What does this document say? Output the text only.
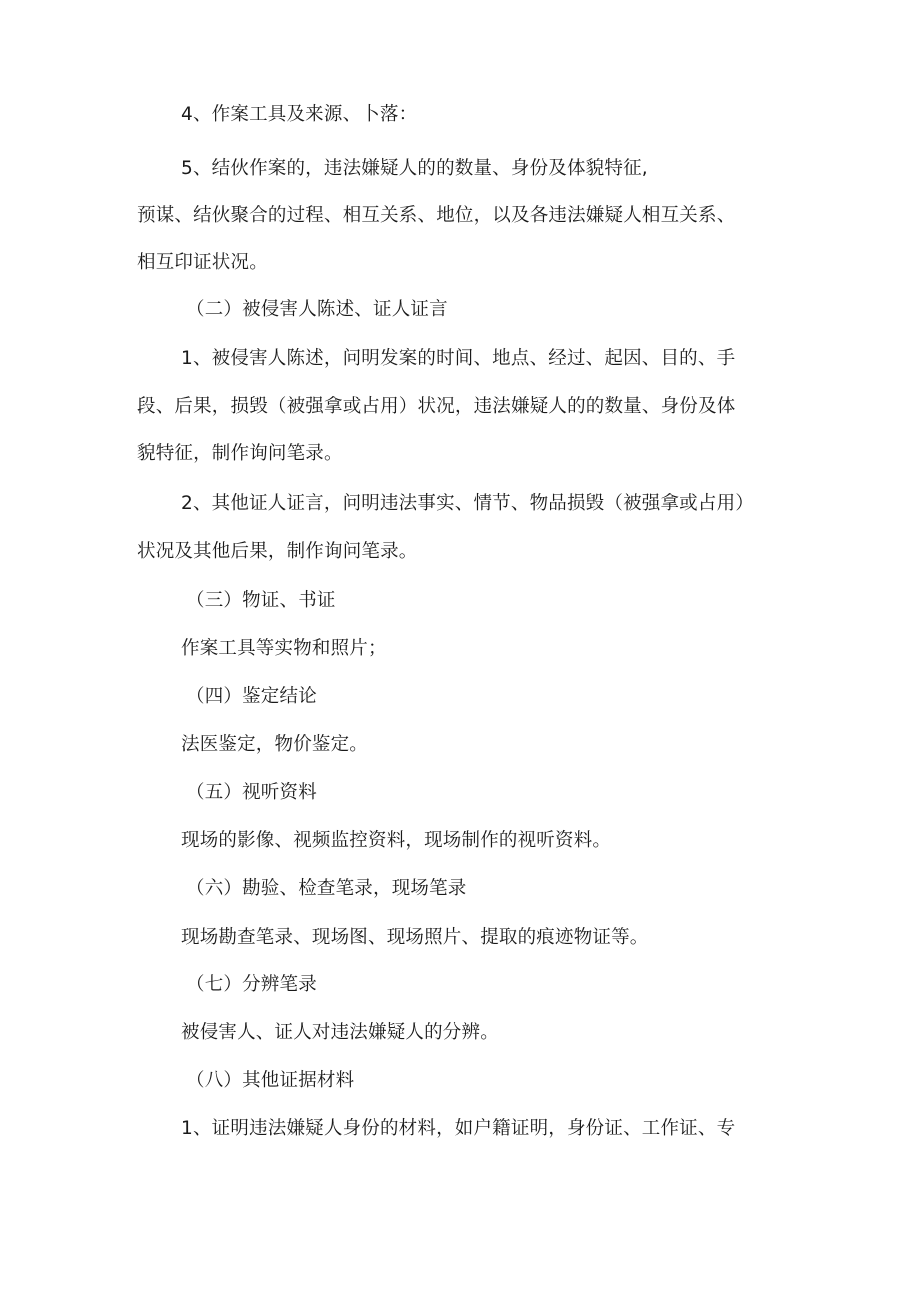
4、作案工具及来源、卜落：

5、结伙作案的，违法嫌疑人的的数量、身份及体貌特征,

预谋、结伙聚合的过程、相互关系、地位，以及各违法嫌疑人相互关系、

相互印证状况。

（二）被侵害人陈述、证人证言

1、被侵害人陈述，问明发案的时间、地点、经过、起因、目的、手

段、后果，损毁（被强拿或占用）状况，违法嫌疑人的的数量、身份及体

貌特征，制作询问笔录。

2、其他证人证言，问明违法事实、情节、物品损毁（被强拿或占用）

状况及其他后果，制作询问笔录。

（三）物证、书证

作案工具等实物和照片；

（四）鉴定结论

法医鉴定，物价鉴定。

（五）视听资料

现场的影像、视频监控资料，现场制作的视听资料。

（六）勘验、检查笔录，现场笔录

现场勘查笔录、现场图、现场照片、提取的痕迹物证等。

（七）分辨笔录

被侵害人、证人对违法嫌疑人的分辨。

（八）其他证据材料

1、证明违法嫌疑人身份的材料，如户籍证明，身份证、工作证、专
